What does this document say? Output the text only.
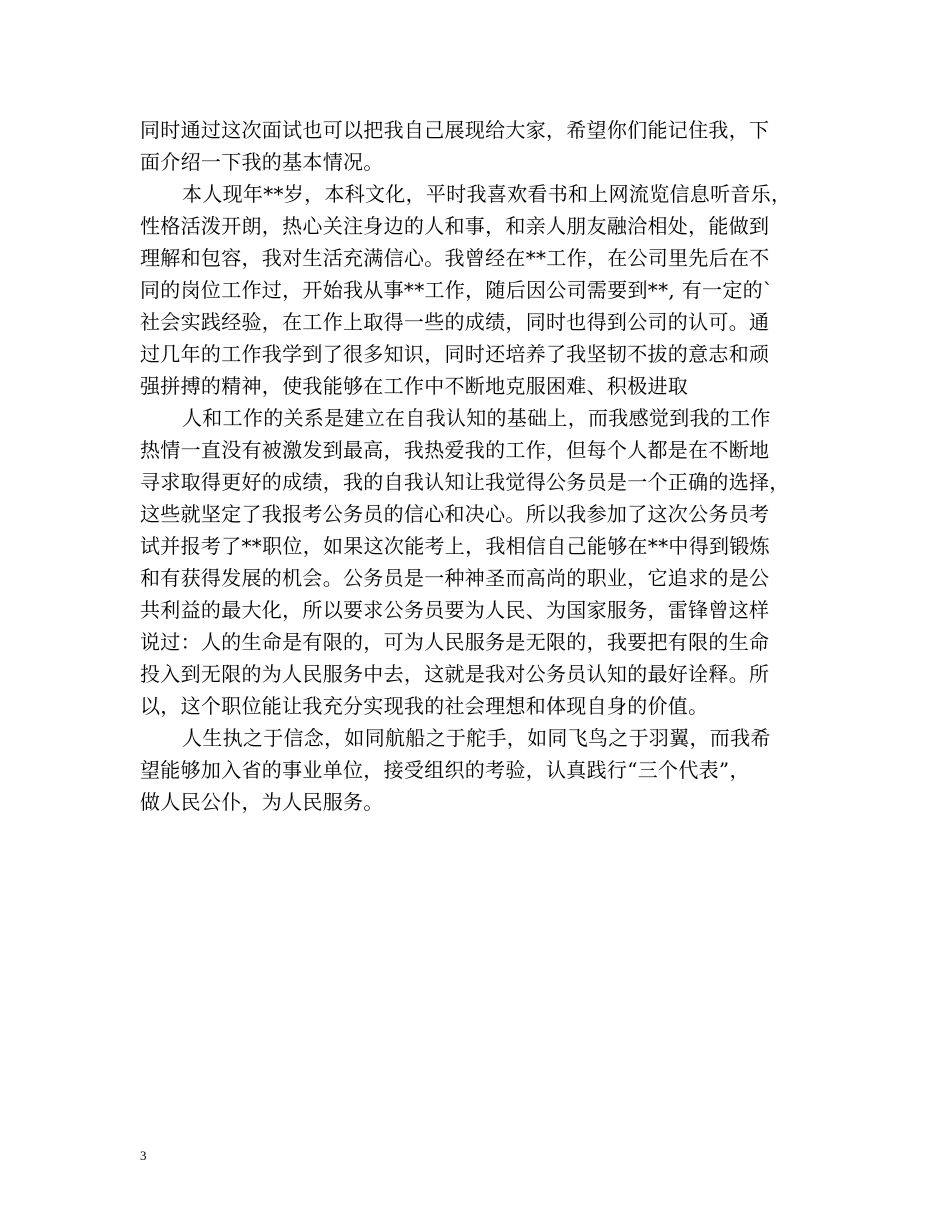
同时通过这次面试也可以把我自己展现给大家，希望你们能记住我，下
面介绍一下我的基本情况。

本人现年**岁，本科文化，平时我喜欢看书和上网流览信息听音乐，
性格活泼开朗，热心关注身边的人和事，和亲人朋友融洽相处，能做到
理解和包容，我对生活充满信心。我曾经在**工作，在公司里先后在不
同的岗位工作过，开始我从事**工作，随后因公司需要到**, 有一定的`
社会实践经验，在工作上取得一些的成绩，同时也得到公司的认可。通
过几年的工作我学到了很多知识，同时还培养了我坚韧不拔的意志和顽
强拼搏的精神，使我能够在工作中不断地克服困难、积极进取

人和工作的关系是建立在自我认知的基础上，而我感觉到我的工作
热情一直没有被激发到最高，我热爱我的工作，但每个人都是在不断地
寻求取得更好的成绩，我的自我认知让我觉得公务员是一个正确的选择，
这些就坚定了我报考公务员的信心和决心。所以我参加了这次公务员考
试并报考了**职位，如果这次能考上，我相信自己能够在**中得到锻炼
和有获得发展的机会。公务员是一种神圣而高尚的职业，它追求的是公
共利益的最大化，所以要求公务员要为人民、为国家服务，雷锋曾这样
说过：人的生命是有限的，可为人民服务是无限的，我要把有限的生命
投入到无限的为人民服务中去，这就是我对公务员认知的最好诠释。所
以，这个职位能让我充分实现我的社会理想和体现自身的价值。

人生执之于信念，如同航船之于舵手，如同飞鸟之于羽翼，而我希
望能够加入省的事业单位，接受组织的考验，认真践行“三个代表”，
做人民公仆，为人民服务。

3
